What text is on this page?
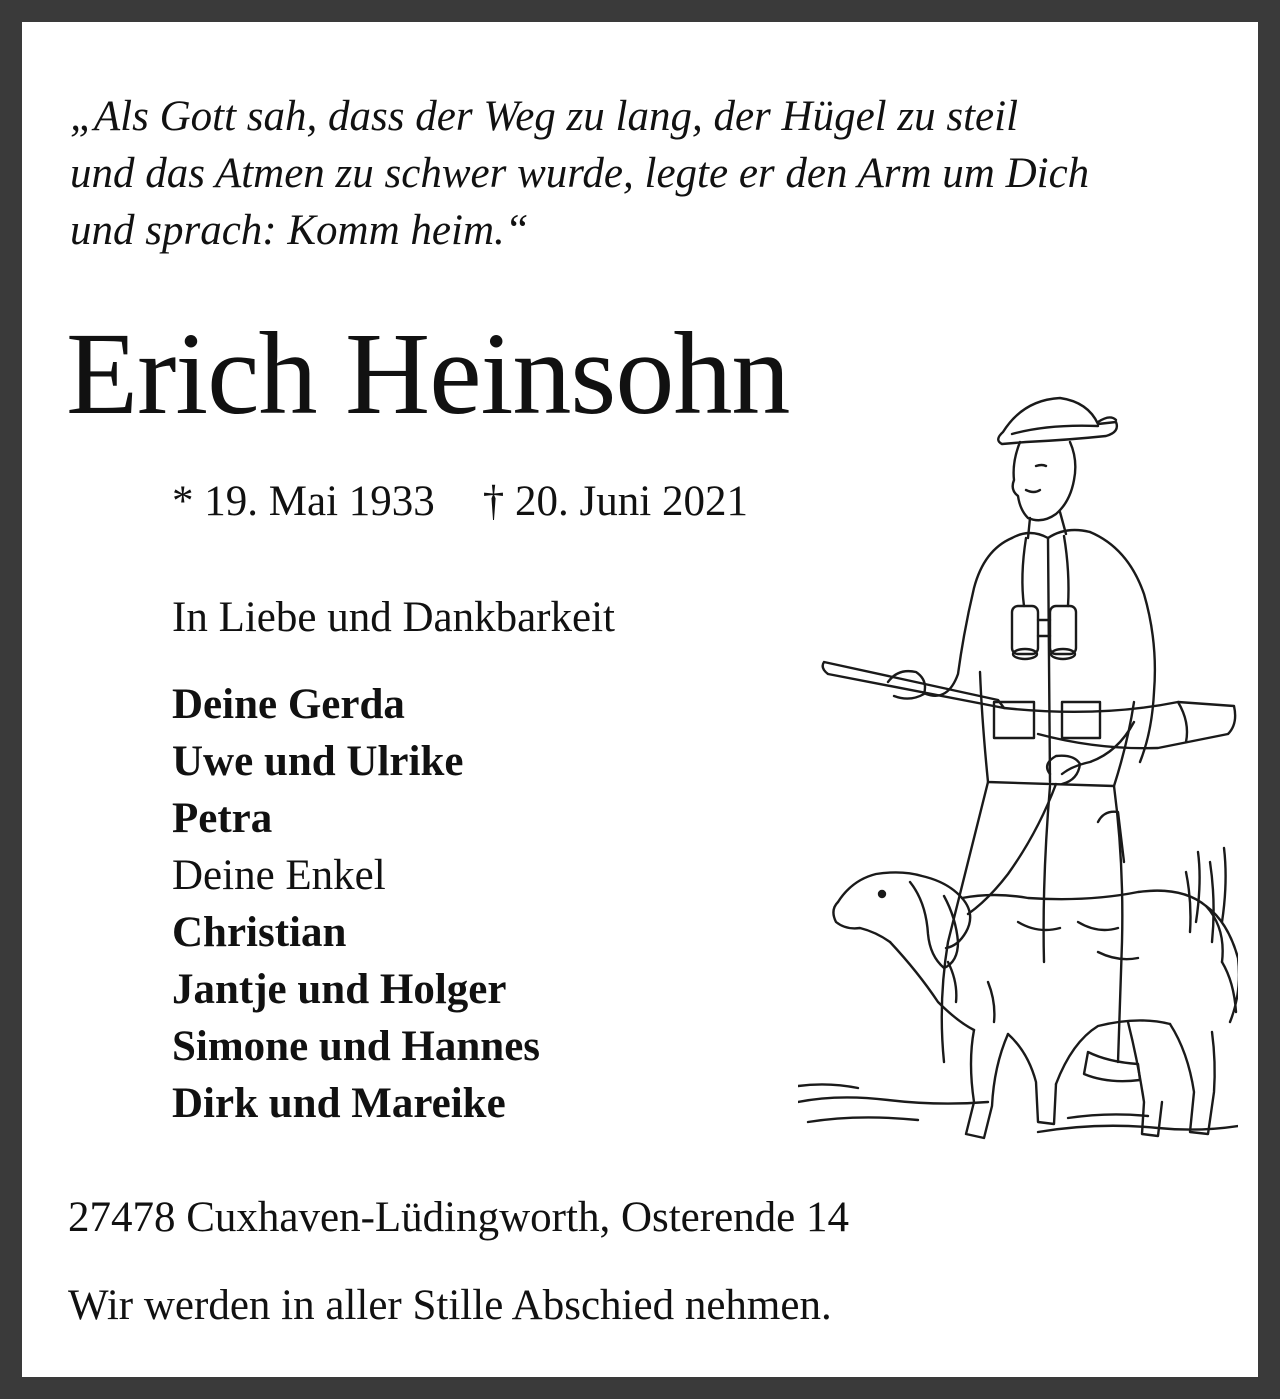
„Als Gott sah, dass der Weg zu lang, der Hügel zu steil
und das Atmen zu schwer wurde, legte er den Arm um Dich
und sprach: Komm heim.“
Erich Heinsohn
* 19. Mai 1933 † 20. Juni 2021
In Liebe und Dankbarkeit
Deine Gerda
Uwe und Ulrike
Petra
Deine Enkel
Christian
Jantje und Holger
Simone und Hannes
Dirk und Mareike
27478 Cuxhaven-Lüdingworth, Osterende 14
Wir werden in aller Stille Abschied nehmen.
